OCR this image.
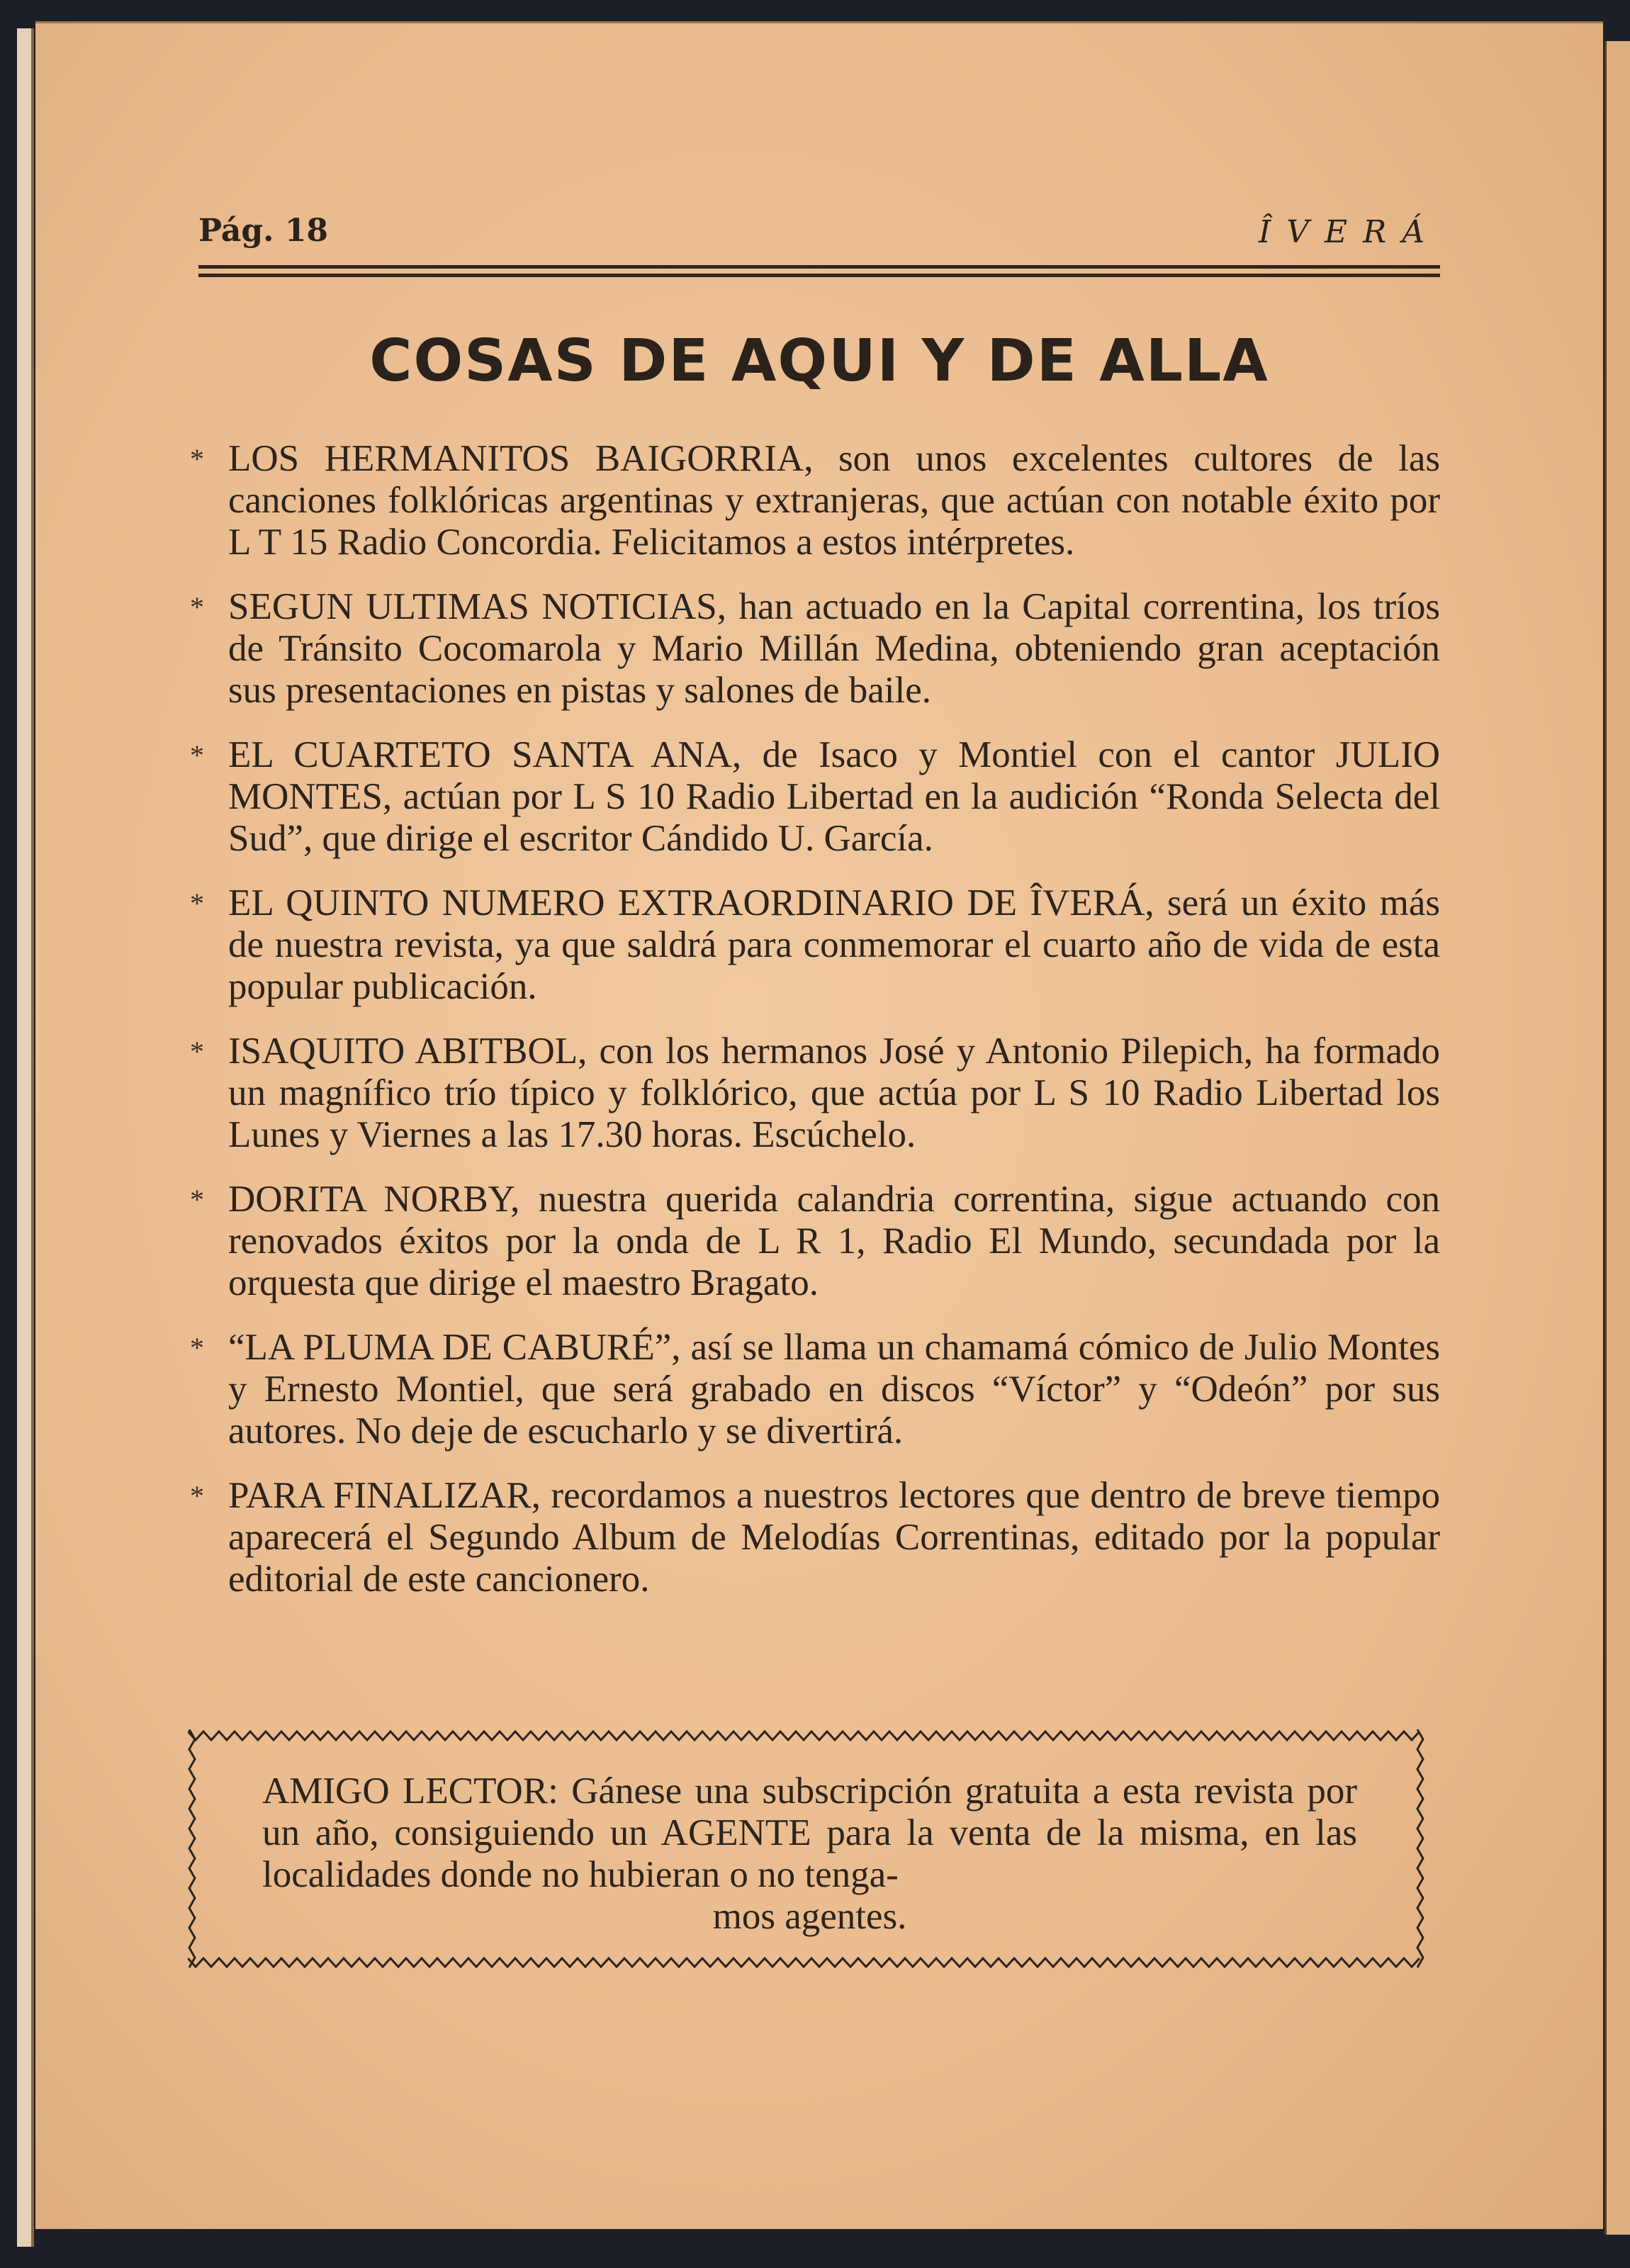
Pág. 18	ÎVERÁ
COSAS DE AQUI Y DE ALLA
* LOS HERMANITOS BAIGORRIA, son unos excelentes cultores de las canciones folklóricas argentinas y extranjeras, que actúan con notable éxito por L T 15 Radio Concordia. Felicitamos a estos intérpretes.
* SEGUN ULTIMAS NOTICIAS, han actuado en la Capital correntina, los tríos de Tránsito Cocomarola y Mario Millán Medina, obteniendo gran aceptación sus presentaciones en pistas y salones de baile.
* EL CUARTETO SANTA ANA, de Isaco y Montiel con el cantor JULIO MONTES, actúan por L S 10 Radio Libertad en la audición “Ronda Selecta del Sud”, que dirige el escritor Cándido U. García.
* EL QUINTO NUMERO EXTRAORDINARIO DE ÎVERÁ, será un éxito más de nuestra revista, ya que saldrá para conmemorar el cuarto año de vida de esta popular publicación.
* ISAQUITO ABITBOL, con los hermanos José y Antonio Pilepich, ha formado un magnífico trío típico y folklórico, que actúa por L S 10 Radio Libertad los Lunes y Viernes a las 17.30 horas. Escúchelo.
* DORITA NORBY, nuestra querida calandria correntina, sigue actuando con renovados éxitos por la onda de L R 1, Radio El Mundo, secundada por la orquesta que dirige el maestro Bragato.
* “LA PLUMA DE CABURÉ”, así se llama un chamamá cómico de Julio Montes y Ernesto Montiel, que será grabado en discos “Víctor” y “Odeón” por sus autores. No deje de escucharlo y se divertirá.
* PARA FINALIZAR, recordamos a nuestros lectores que dentro de breve tiempo aparecerá el Segundo Album de Melodías Correntinas, editado por la popular editorial de este cancionero.
AMIGO LECTOR: Gánese una subscripción gratuita a esta revista por un año, consiguiendo un AGENTE para la venta de la misma, en las localidades donde no hubieran o no tenga-
mos agentes.
